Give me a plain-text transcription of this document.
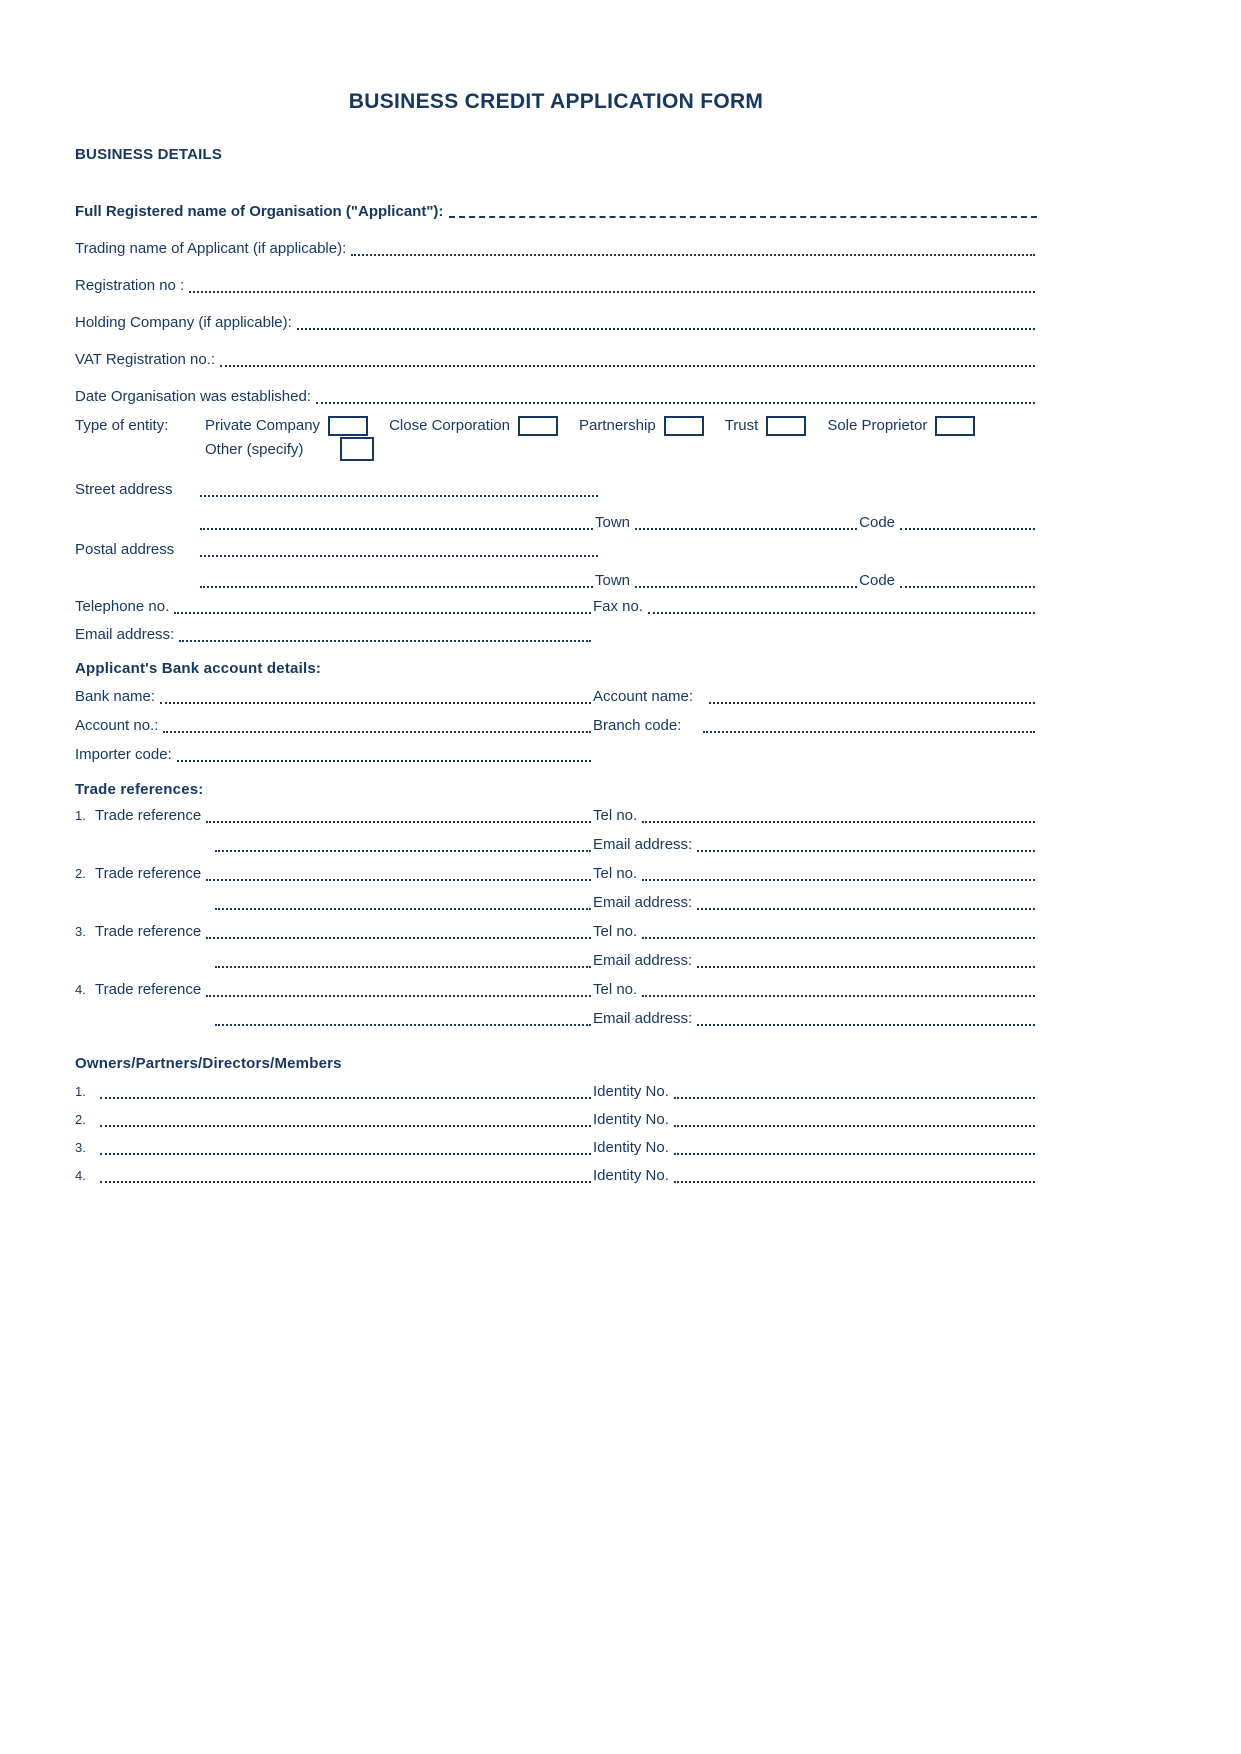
BUSINESS CREDIT APPLICATION FORM
BUSINESS DETAILS
Full Registered name of Organisation ("Applicant"):
Trading name of Applicant (if applicable):
Registration no :
Holding Company (if applicable):
VAT Registration no.:
Date Organisation was established:
Type of entity:	Private Company	Close Corporation	Partnership	Trust	Sole Proprietor
Other (specify)
Street address
Town	Code
Postal address
Town	Code
Telephone no.	Fax no.
Email address:
Applicant's Bank account details:
Bank name:	Account name:
Account no.:	Branch code:
Importer code:
Trade references:
1. Trade reference	Tel no.
Email address:
2. Trade reference	Tel no.
Email address:
3. Trade reference	Tel no.
Email address:
4. Trade reference	Tel no.
Email address:
Owners/Partners/Directors/Members
1.	Identity No.
2.	Identity No.
3.	Identity No.
4.	Identity No.
